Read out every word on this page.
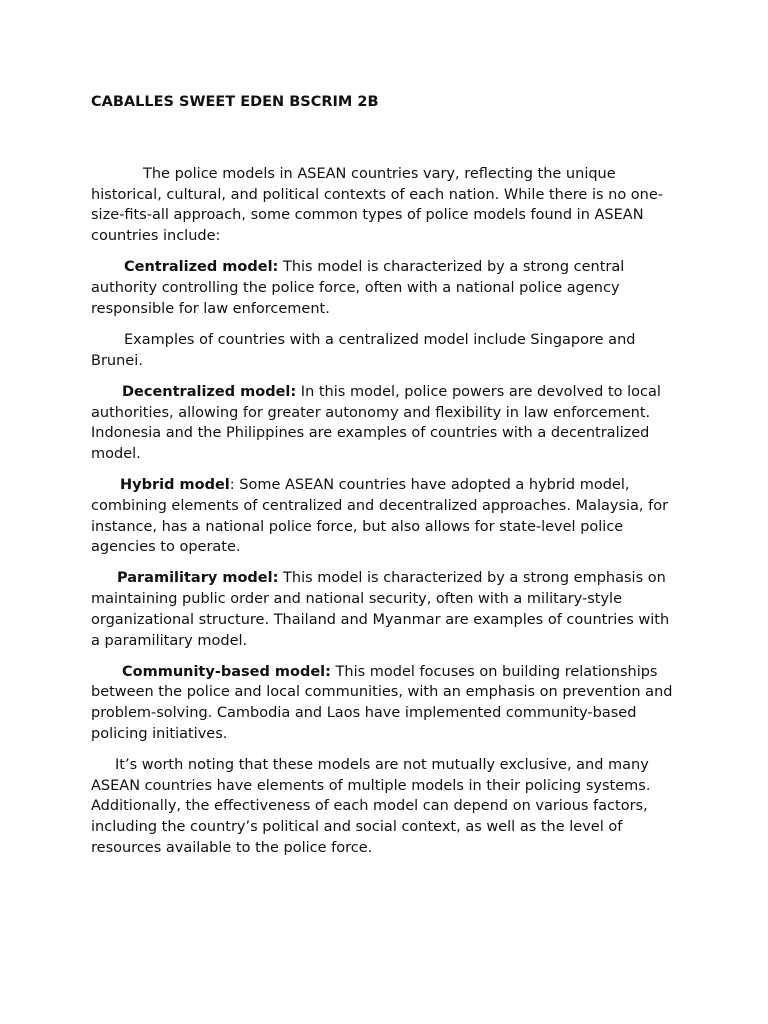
CABALLES SWEET EDEN BSCRIM 2B

The police models in ASEAN countries vary, reflecting the unique historical, cultural, and political contexts of each nation. While there is no one-size-fits-all approach, some common types of police models found in ASEAN countries include:

Centralized model: This model is characterized by a strong central authority controlling the police force, often with a national police agency responsible for law enforcement.

Examples of countries with a centralized model include Singapore and Brunei.

Decentralized model: In this model, police powers are devolved to local authorities, allowing for greater autonomy and flexibility in law enforcement. Indonesia and the Philippines are examples of countries with a decentralized model.

Hybrid model: Some ASEAN countries have adopted a hybrid model, combining elements of centralized and decentralized approaches. Malaysia, for instance, has a national police force, but also allows for state-level police agencies to operate.

Paramilitary model: This model is characterized by a strong emphasis on maintaining public order and national security, often with a military-style organizational structure. Thailand and Myanmar are examples of countries with a paramilitary model.

Community-based model: This model focuses on building relationships between the police and local communities, with an emphasis on prevention and problem-solving. Cambodia and Laos have implemented community-based policing initiatives.

It’s worth noting that these models are not mutually exclusive, and many ASEAN countries have elements of multiple models in their policing systems. Additionally, the effectiveness of each model can depend on various factors, including the country’s political and social context, as well as the level of resources available to the police force.
